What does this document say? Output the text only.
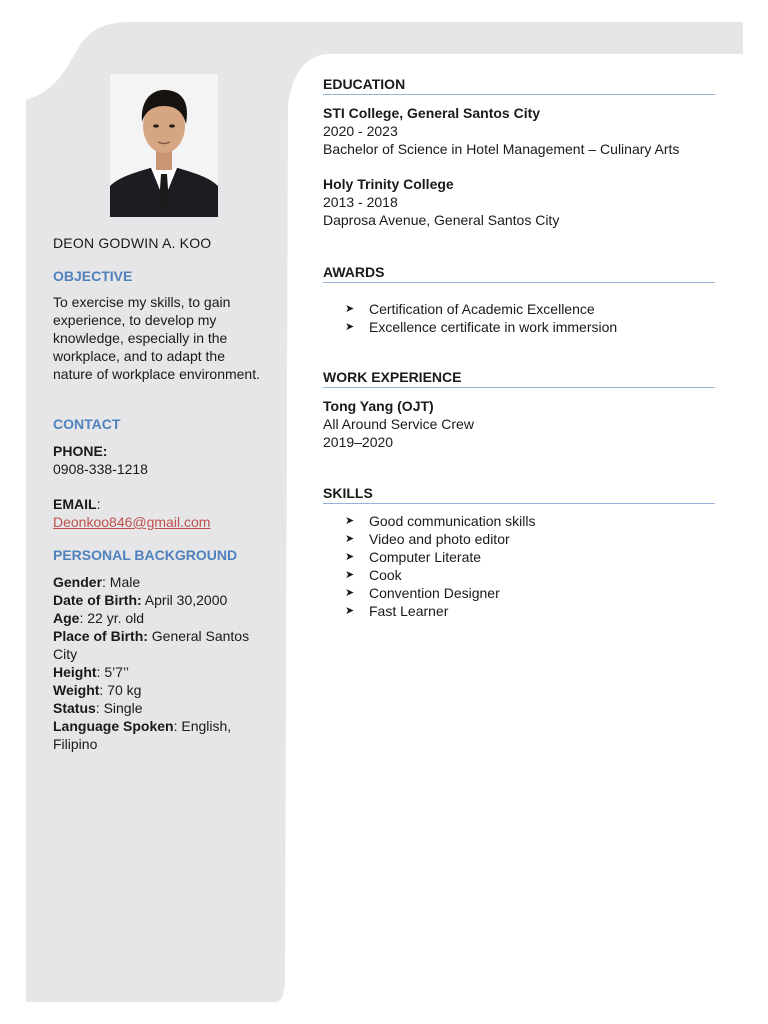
DEON GODWIN A. KOO
OBJECTIVE
To exercise my skills, to gain
experience, to develop my
knowledge, especially in the
workplace, and to adapt the
nature of workplace environment.
CONTACT
PHONE:
0908-338-1218
EMAIL:
Deonkoo846@gmail.com
PERSONAL BACKGROUND

Gender: Male

Date of Birth: April 30,2000

Age: 22 yr. old

Place of Birth: General Santos

City

Height: 5’7’’

Weight: 70 kg

Status: Single

Language Spoken: English,

Filipino

EDUCATION

STI College, General Santos City

2020 - 2023

Bachelor of Science in Hotel Management – Culinary Arts

Holy Trinity College

2013 - 2018

Daprosa Avenue, General Santos City

AWARDS
➤	Certification of Academic Excellence
➤	Excellence certificate in work immersion
WORK EXPERIENCE

Tong Yang (OJT)

All Around Service Crew

2019–2020

SKILLS
➤	Good communication skills
➤	Video and photo editor
➤	Computer Literate
➤	Cook
➤	Convention Designer
➤	Fast Learner
